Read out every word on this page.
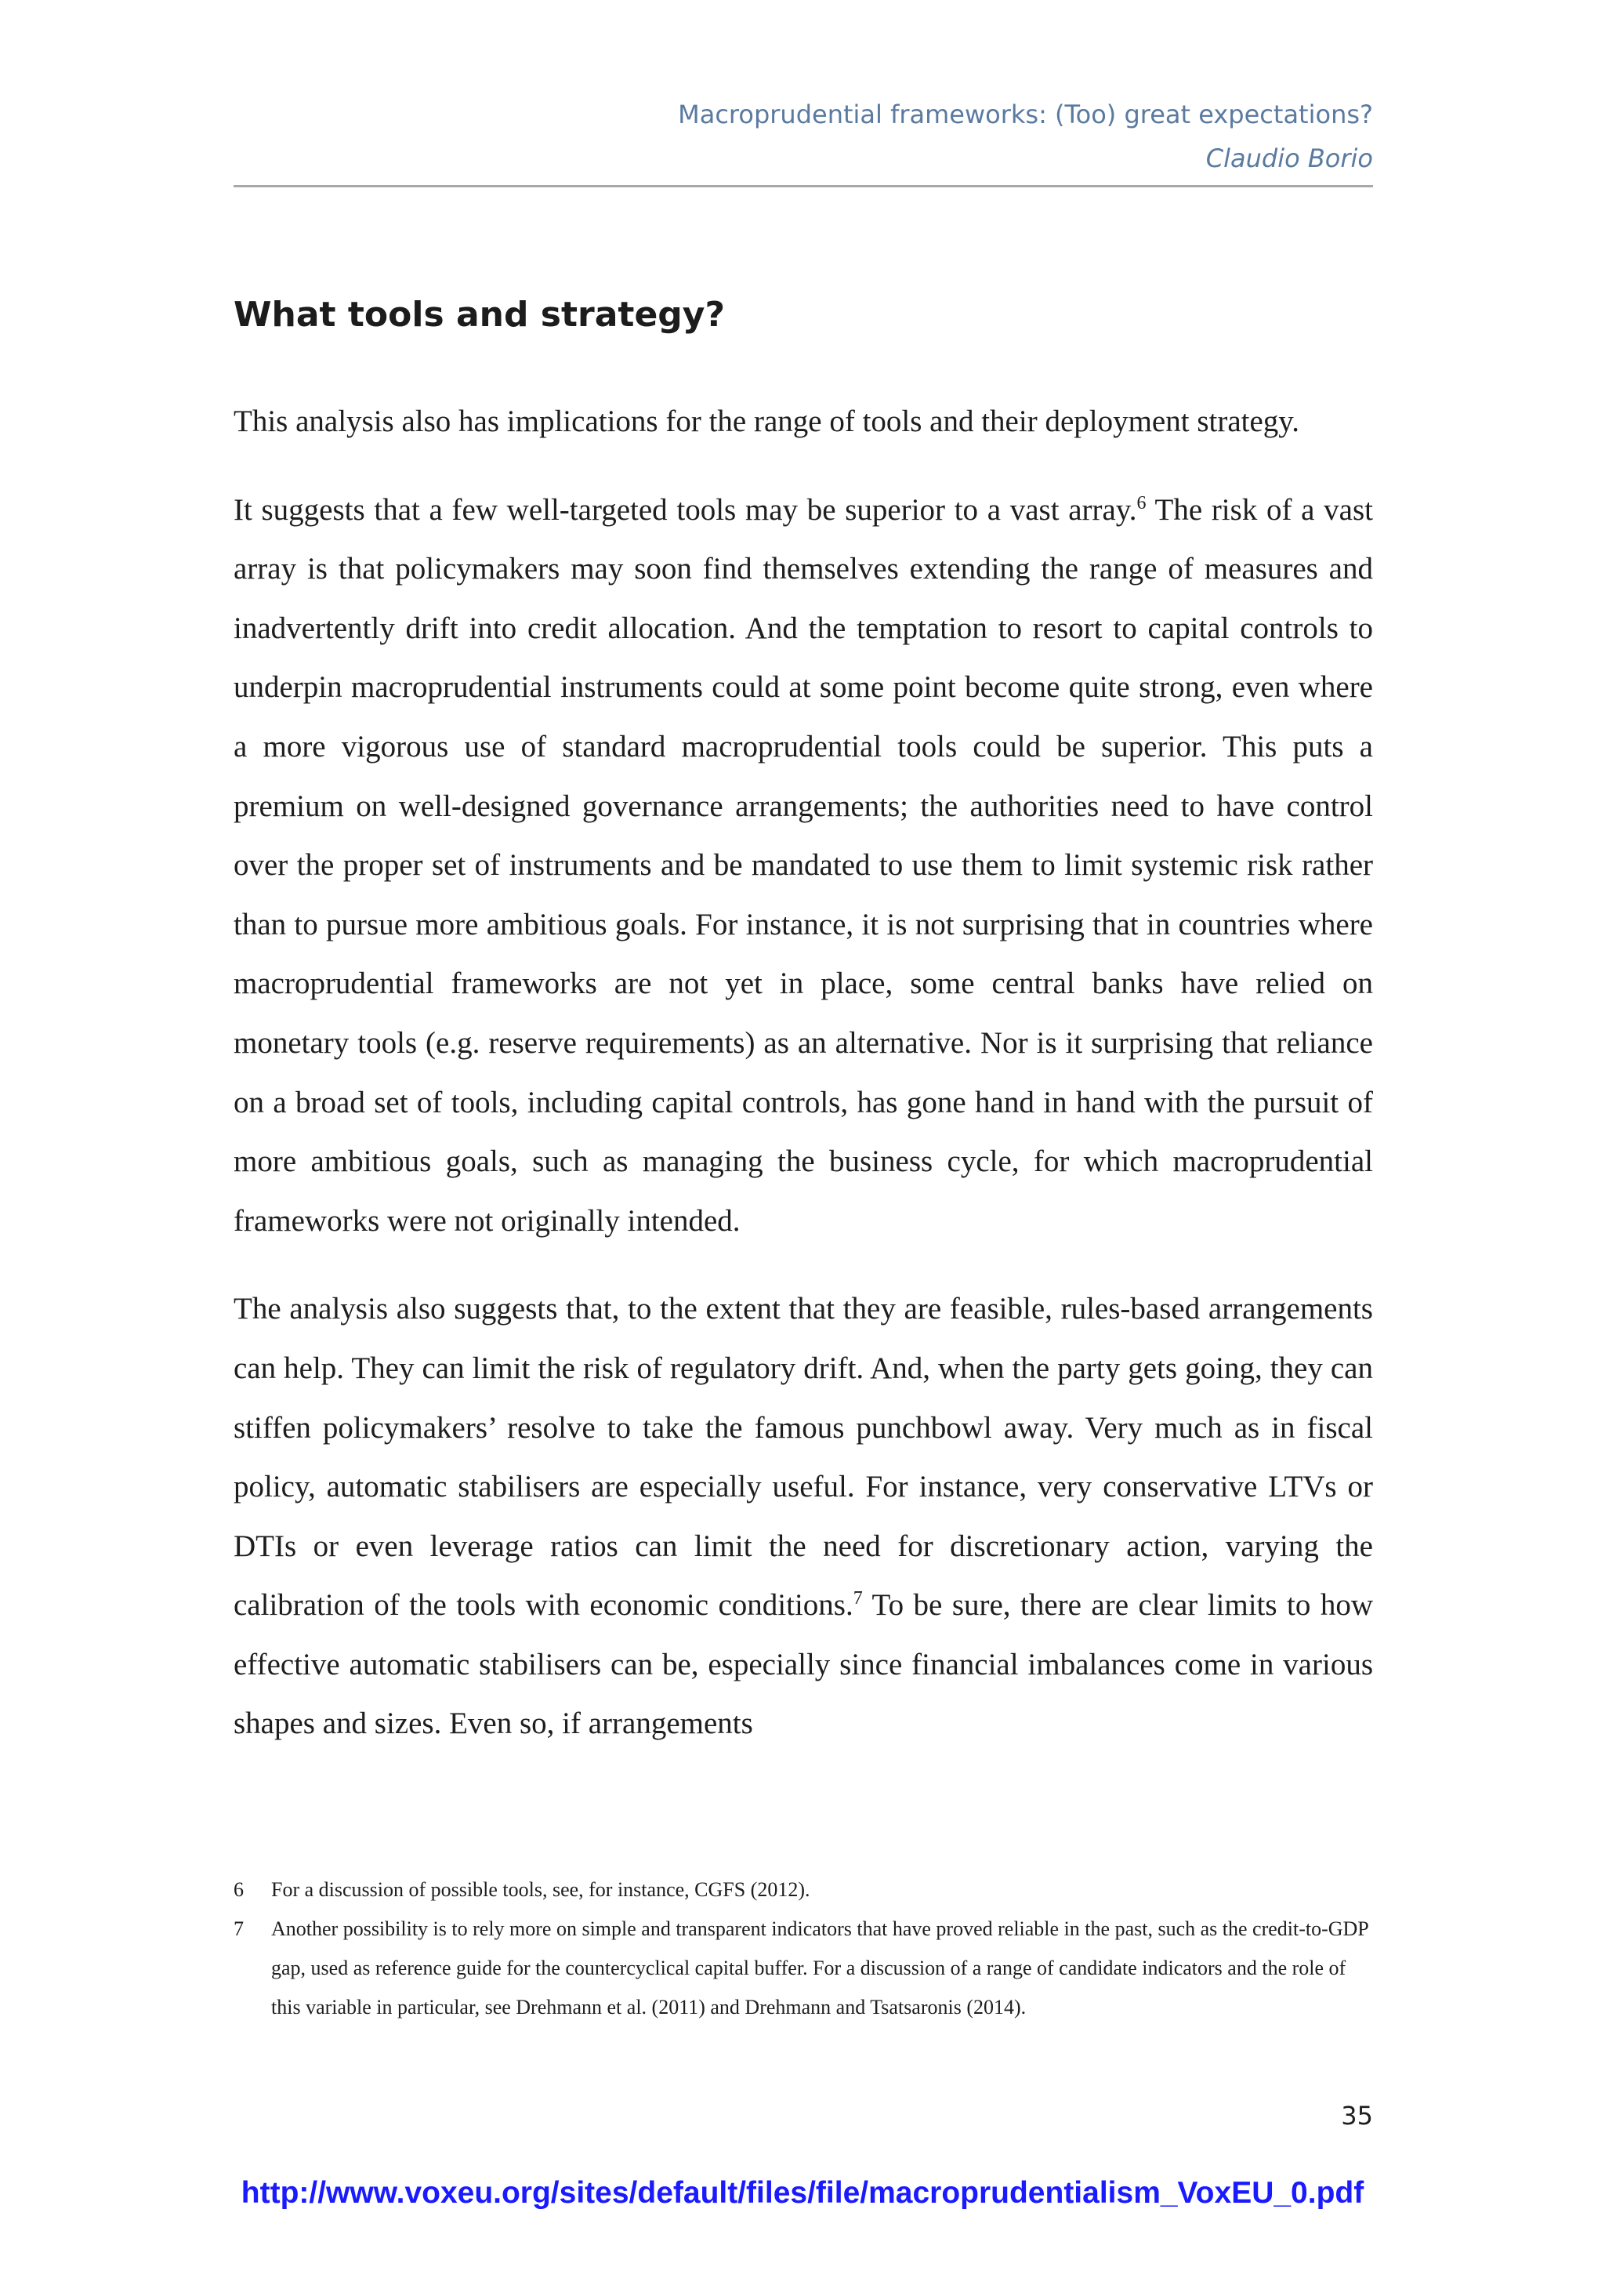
Macroprudential frameworks: (Too) great expectations?
Claudio Borio
What tools and strategy?

This analysis also has implications for the range of tools and their deployment strategy.

It suggests that a few well-targeted tools may be superior to a vast array.$^6$ The risk of a vast array is that policymakers may soon find themselves extending the range of measures and inadvertently drift into credit allocation. And the temptation to resort to capital controls to underpin macroprudential instruments could at some point become quite strong, even where a more vigorous use of standard macroprudential tools could be superior. This puts a premium on well-designed governance arrangements; the authorities need to have control over the proper set of instruments and be mandated to use them to limit systemic risk rather than to pursue more ambitious goals. For instance, it is not surprising that in countries where macroprudential frameworks are not yet in place, some central banks have relied on monetary tools (e.g. reserve requirements) as an alternative. Nor is it surprising that reliance on a broad set of tools, including capital controls, has gone hand in hand with the pursuit of more ambitious goals, such as managing the business cycle, for which macroprudential frameworks were not originally intended.

The analysis also suggests that, to the extent that they are feasible, rules-based arrangements can help. They can limit the risk of regulatory drift. And, when the party gets going, they can stiffen policymakers’ resolve to take the famous punchbowl away. Very much as in fiscal policy, automatic stabilisers are especially useful. For instance, very conservative LTVs or DTIs or even leverage ratios can limit the need for discretionary action, varying the calibration of the tools with economic conditions.$^7$ To be sure, there are clear limits to how effective automatic stabilisers can be, especially since financial imbalances come in various shapes and sizes. Even so, if arrangements

6 For a discussion of possible tools, see, for instance, CGFS (2012).

7 Another possibility is to rely more on simple and transparent indicators that have proved reliable in the past, such as the credit-to-GDP gap, used as reference guide for the countercyclical capital buffer. For a discussion of a range of candidate indicators and the role of this variable in particular, see Drehmann et al. (2011) and Drehmann and Tsatsaronis (2014).

35
http://www.voxeu.org/sites/default/files/file/macroprudentialism_VoxEU_0.pdf
